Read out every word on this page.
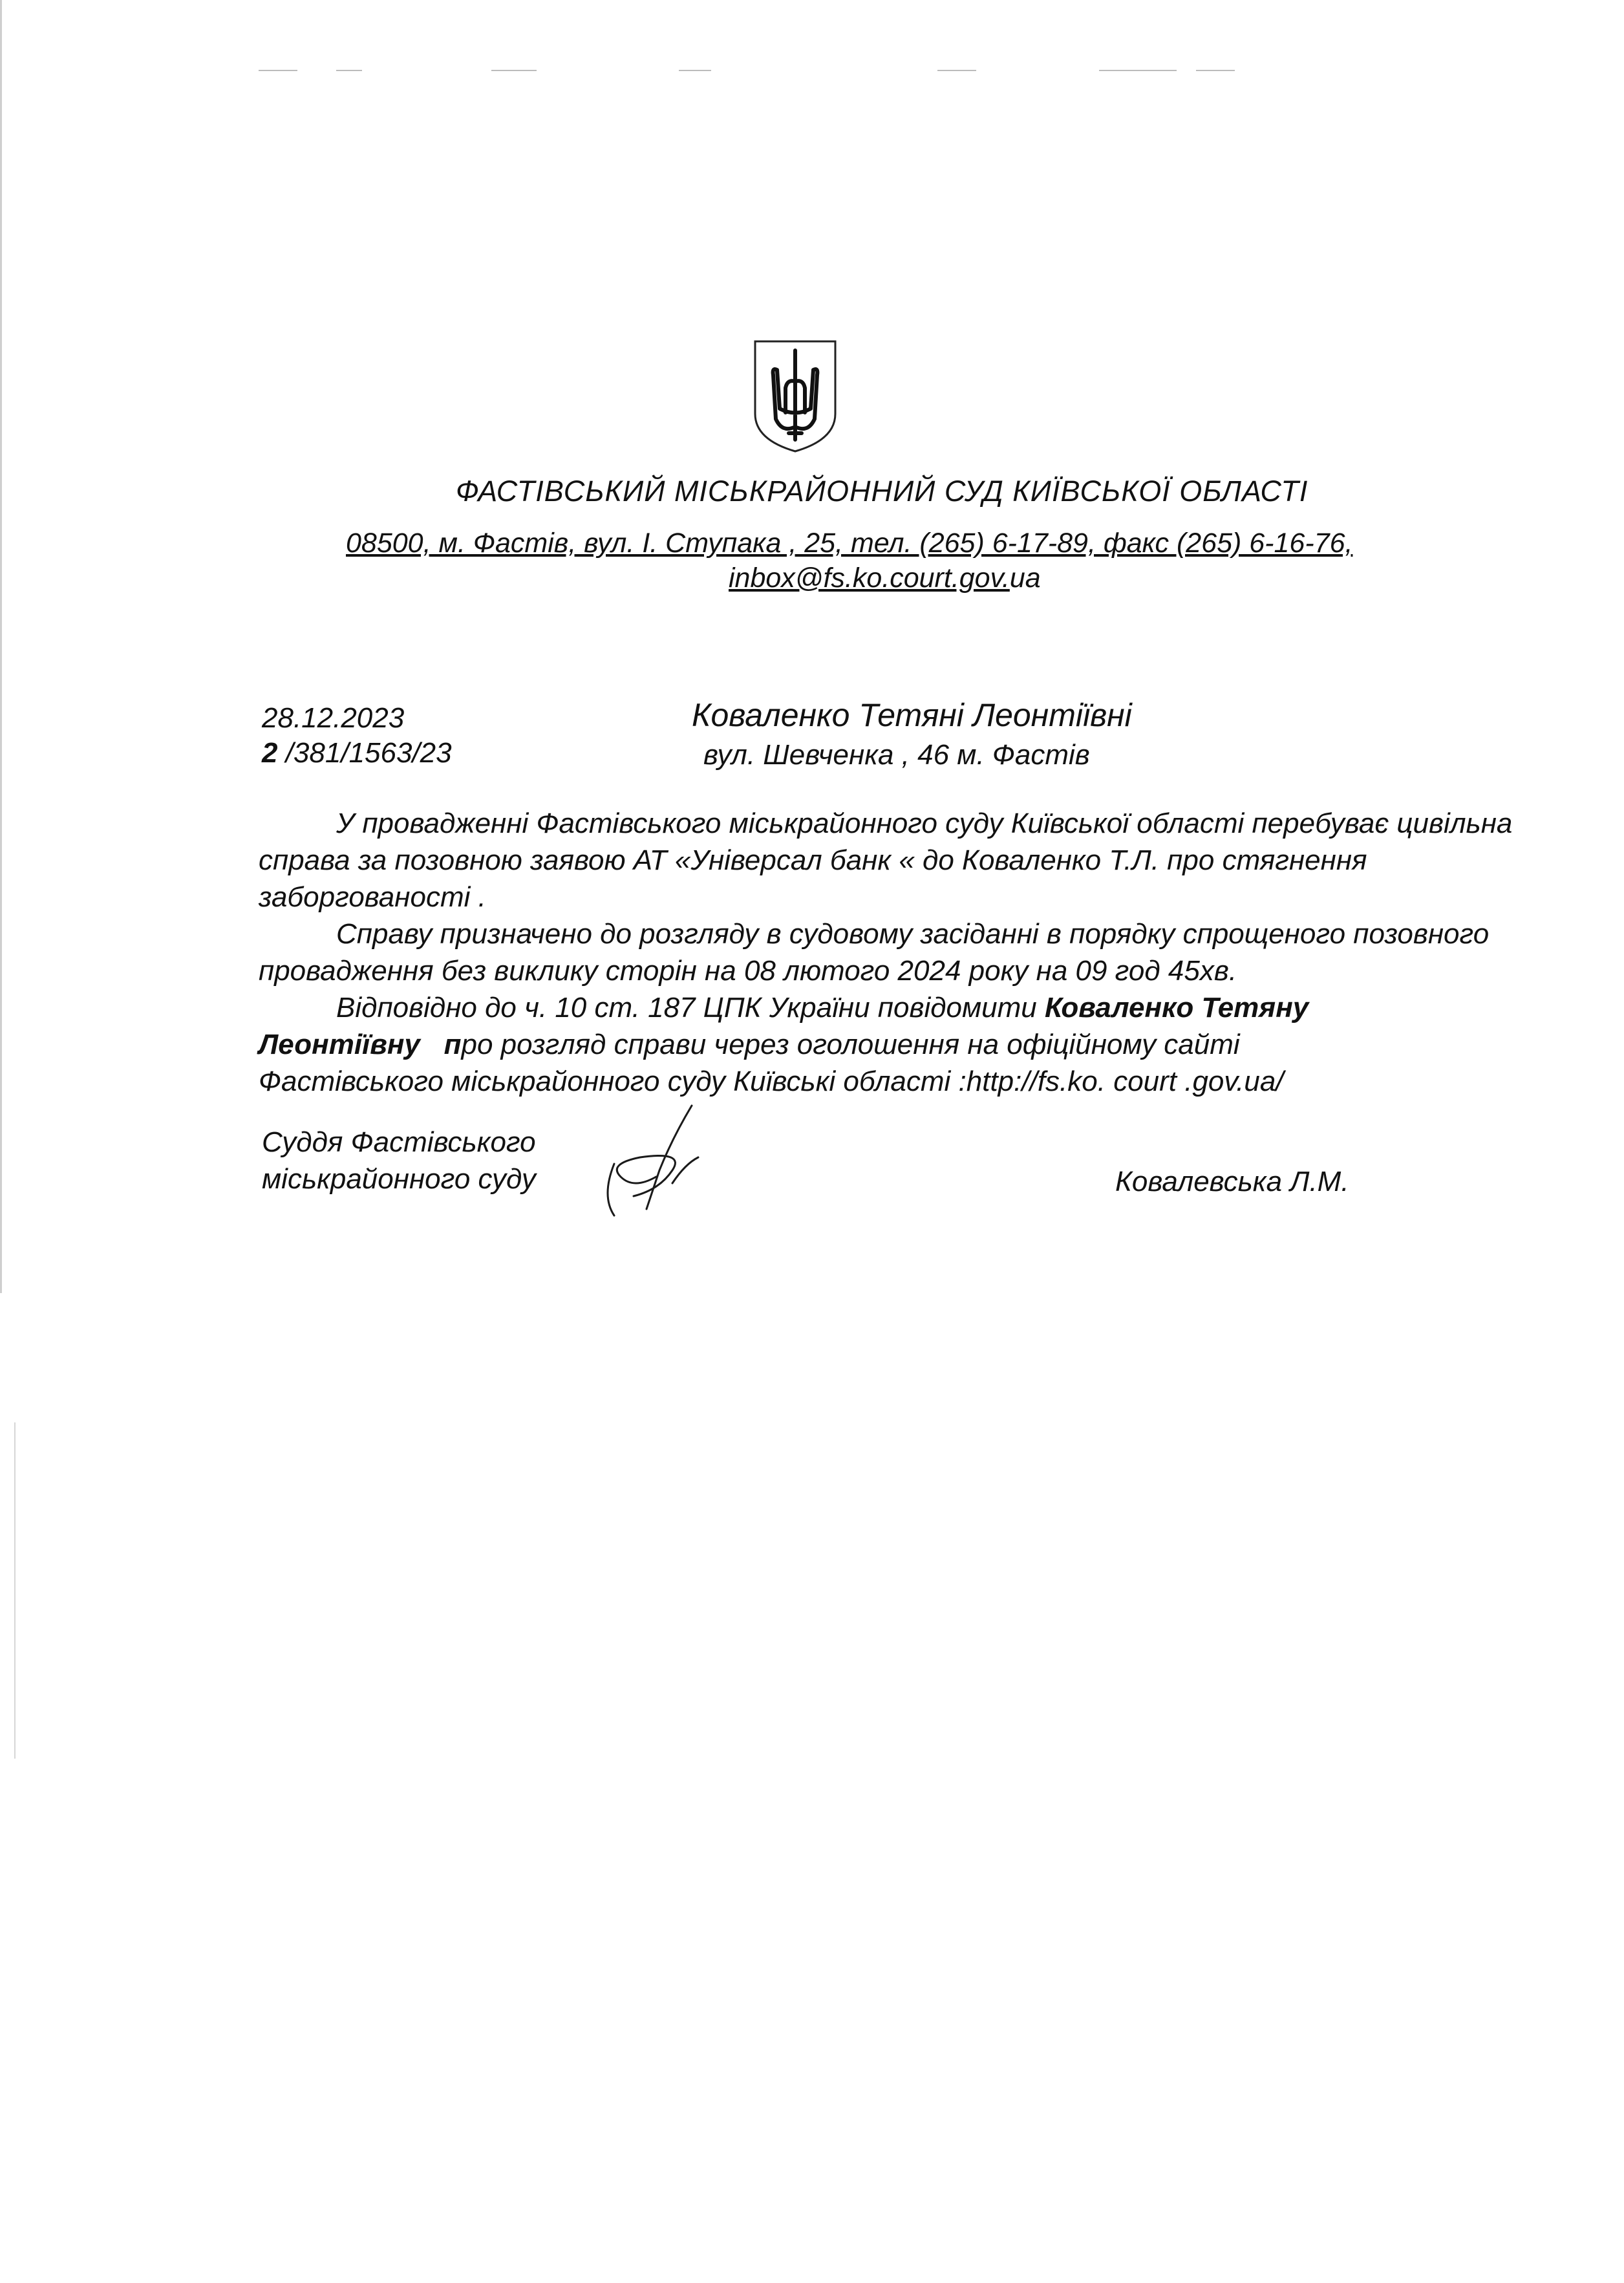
ФАСТІВСЬКИЙ МІСЬКРАЙОННИЙ СУД КИЇВСЬКОЇ ОБЛАСТІ
08500, м. Фастів, вул. І. Ступака , 25, тел. (265) 6-17-89, факс (265) 6-16-76,
inbox@fs.ko.court.gov.ua
28.12.2023
2 /381/1563/23
Коваленко Тетяні Леонтіївні
вул. Шевченка , 46 м. Фастів

У провадженні Фастівського міськрайонного суду Київської області перебуває цивільна справа за позовною заявою АТ «Універсал банк « до Коваленко Т.Л. про стягнення заборгованості .

Справу призначено до розгляду в судовому засіданні в порядку спрощеного позовного провадження без виклику сторін на 08 лютого 2024 року на 09 год 45хв.

Відповідно до ч. 10 ст. 187 ЦПК України повідомити Коваленко Тетяну
Леонтіївну про розгляд справи через оголошення на офіційному сайті
Фастівського міськрайонного суду Київські області :http://fs.ko. court .gov.ua/

Суддя Фастівського
міськрайонного суду	Ковалевська Л.М.
